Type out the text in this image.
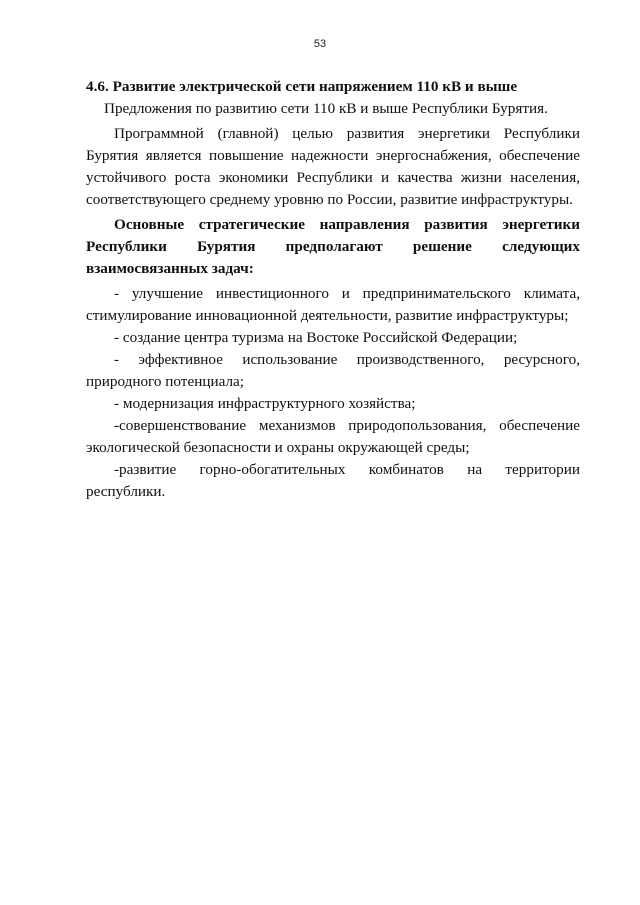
53
4.6. Развитие электрической сети напряжением 110 кВ и выше

Предложения по развитию сети 110 кВ и выше Республики Бурятия.

Программной (главной) целью развития энергетики Республики Бурятия является повышение надежности энергоснабжения, обеспечение устойчивого роста экономики Республики и качества жизни населения, соответствующего среднему уровню по России, развитие инфраструктуры.

Основные стратегические направления развития энергетики Республики Бурятия предполагают решение следующих взаимосвязанных задач:

- улучшение инвестиционного и предпринимательского климата, стимулирование инновационной деятельности, развитие инфраструктуры;

- создание центра туризма на Востоке Российской Федерации;

- эффективное использование производственного, ресурсного, природного потенциала;

- модернизация инфраструктурного хозяйства;

-совершенствование механизмов природопользования, обеспечение экологической безопасности и охраны окружающей среды;

-развитие горно-обогатительных комбинатов на территории республики.
